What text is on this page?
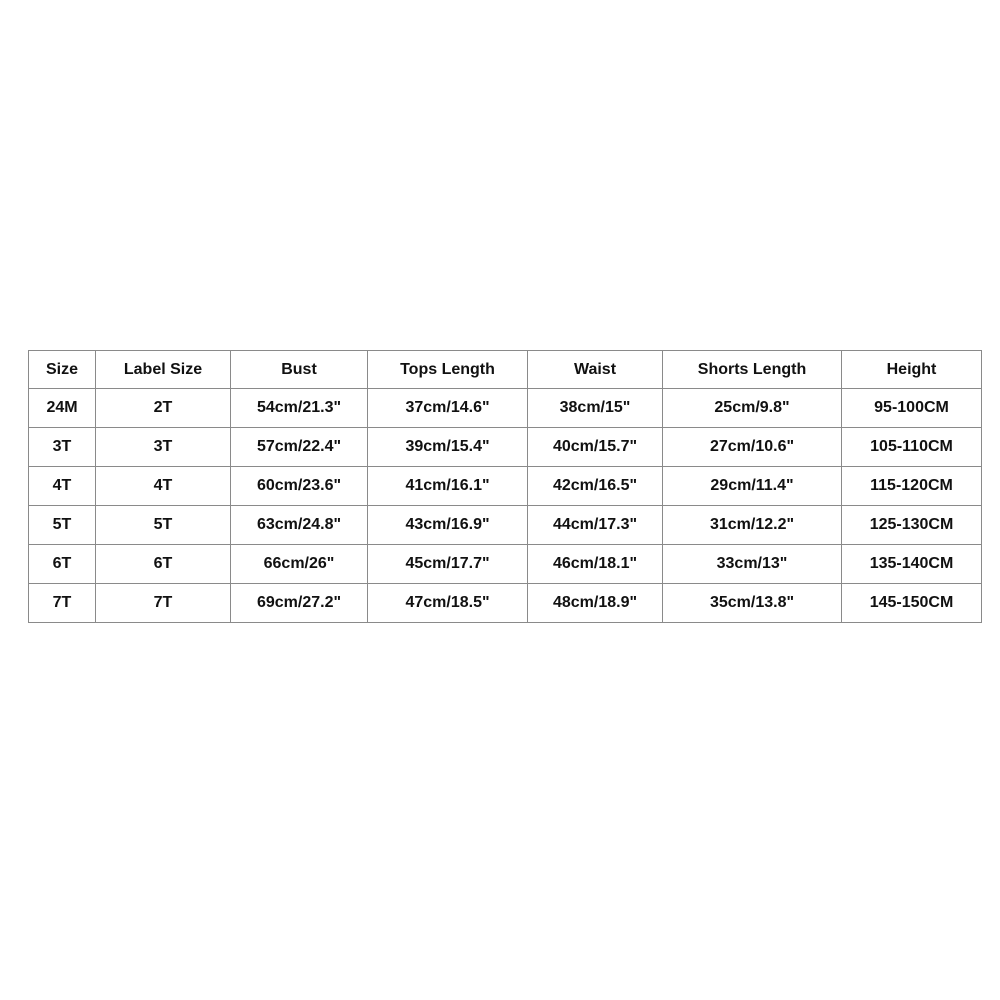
Size	Label Size	Bust	Tops Length	Waist	Shorts Length	Height
24M	2T	54cm/21.3"	37cm/14.6"	38cm/15"	25cm/9.8"	95-100CM
3T	3T	57cm/22.4"	39cm/15.4"	40cm/15.7"	27cm/10.6"	105-110CM
4T	4T	60cm/23.6"	41cm/16.1"	42cm/16.5"	29cm/11.4"	115-120CM
5T	5T	63cm/24.8"	43cm/16.9"	44cm/17.3"	31cm/12.2"	125-130CM
6T	6T	66cm/26"	45cm/17.7"	46cm/18.1"	33cm/13"	135-140CM
7T	7T	69cm/27.2"	47cm/18.5"	48cm/18.9"	35cm/13.8"	145-150CM
